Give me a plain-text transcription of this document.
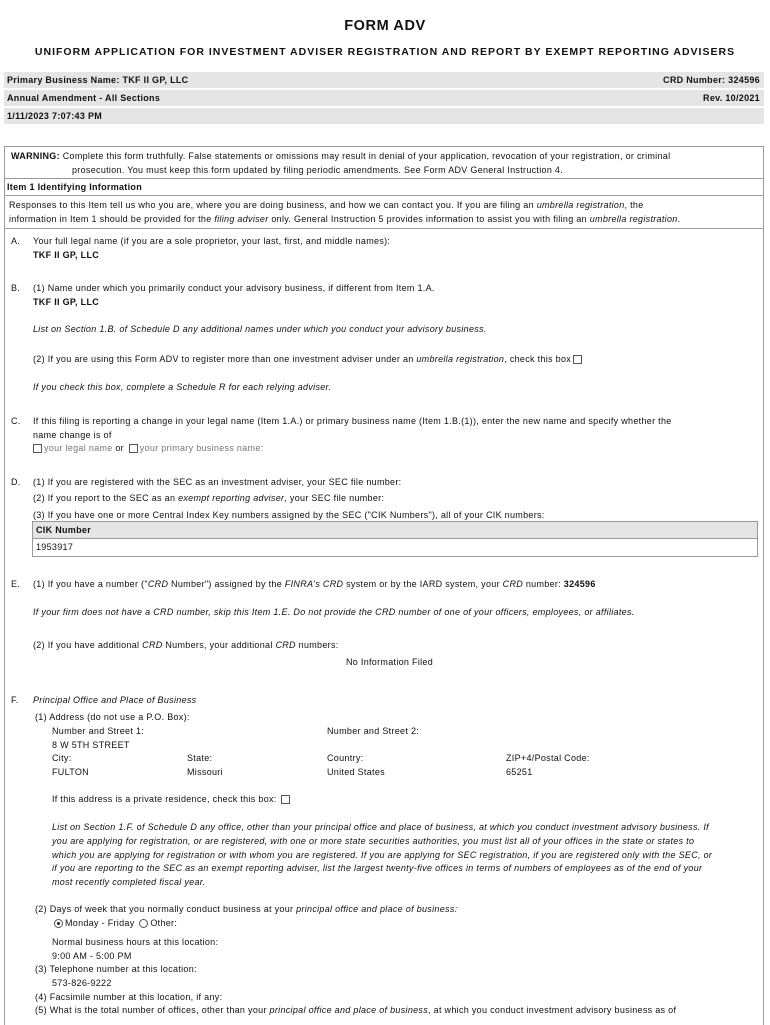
FORM ADV
UNIFORM APPLICATION FOR INVESTMENT ADVISER REGISTRATION AND REPORT BY EXEMPT REPORTING ADVISERS
Primary Business Name: TKF II GP, LLC	CRD Number: 324596
Annual Amendment - All Sections	Rev. 10/2021
1/11/2023 7:07:43 PM
WARNING: Complete this form truthfully. False statements or omissions may result in denial of your application, revocation of your registration, or criminal
prosecution. You must keep this form updated by filing periodic amendments. See Form ADV General Instruction 4.
Item 1 Identifying Information
Responses to this Item tell us who you are, where you are doing business, and how we can contact you. If you are filing an umbrella registration, the
information in Item 1 should be provided for the filing adviser only. General Instruction 5 provides information to assist you with filing an umbrella registration.
A. Your full legal name (if you are a sole proprietor, your last, first, and middle names):
TKF II GP, LLC
B. (1) Name under which you primarily conduct your advisory business, if different from Item 1.A.
TKF II GP, LLC
List on Section 1.B. of Schedule D any additional names under which you conduct your advisory business.
(2) If you are using this Form ADV to register more than one investment adviser under an umbrella registration, check this box
If you check this box, complete a Schedule R for each relying adviser.
C. If this filing is reporting a change in your legal name (Item 1.A.) or primary business name (Item 1.B.(1)), enter the new name and specify whether the
name change is of
your legal name or your primary business name:
D. (1) If you are registered with the SEC as an investment adviser, your SEC file number:
(2) If you report to the SEC as an exempt reporting adviser, your SEC file number:
(3) If you have one or more Central Index Key numbers assigned by the SEC ("CIK Numbers"), all of your CIK numbers:
CIK Number
1953917
E. (1) If you have a number ("CRD Number") assigned by the FINRA's CRD system or by the IARD system, your CRD number: 324596
If your firm does not have a CRD number, skip this Item 1.E. Do not provide the CRD number of one of your officers, employees, or affiliates.
(2) If you have additional CRD Numbers, your additional CRD numbers:
No Information Filed
F. Principal Office and Place of Business
(1) Address (do not use a P.O. Box):
Number and Street 1:	Number and Street 2:
8 W 5TH STREET
City:	State:	Country:	ZIP+4/Postal Code:
FULTON	Missouri	United States	65251
If this address is a private residence, check this box:
List on Section 1.F. of Schedule D any office, other than your principal office and place of business, at which you conduct investment advisory business. If
you are applying for registration, or are registered, with one or more state securities authorities, you must list all of your offices in the state or states to
which you are applying for registration or with whom you are registered. If you are applying for SEC registration, if you are registered only with the SEC, or
if you are reporting to the SEC as an exempt reporting adviser, list the largest twenty-five offices in terms of numbers of employees as of the end of your
most recently completed fiscal year.
(2) Days of week that you normally conduct business at your principal office and place of business:
Monday - Friday Other:
Normal business hours at this location:
9:00 AM - 5:00 PM
(3) Telephone number at this location:
573-826-9222
(4) Facsimile number at this location, if any:
(5) What is the total number of offices, other than your principal office and place of business, at which you conduct investment advisory business as of
